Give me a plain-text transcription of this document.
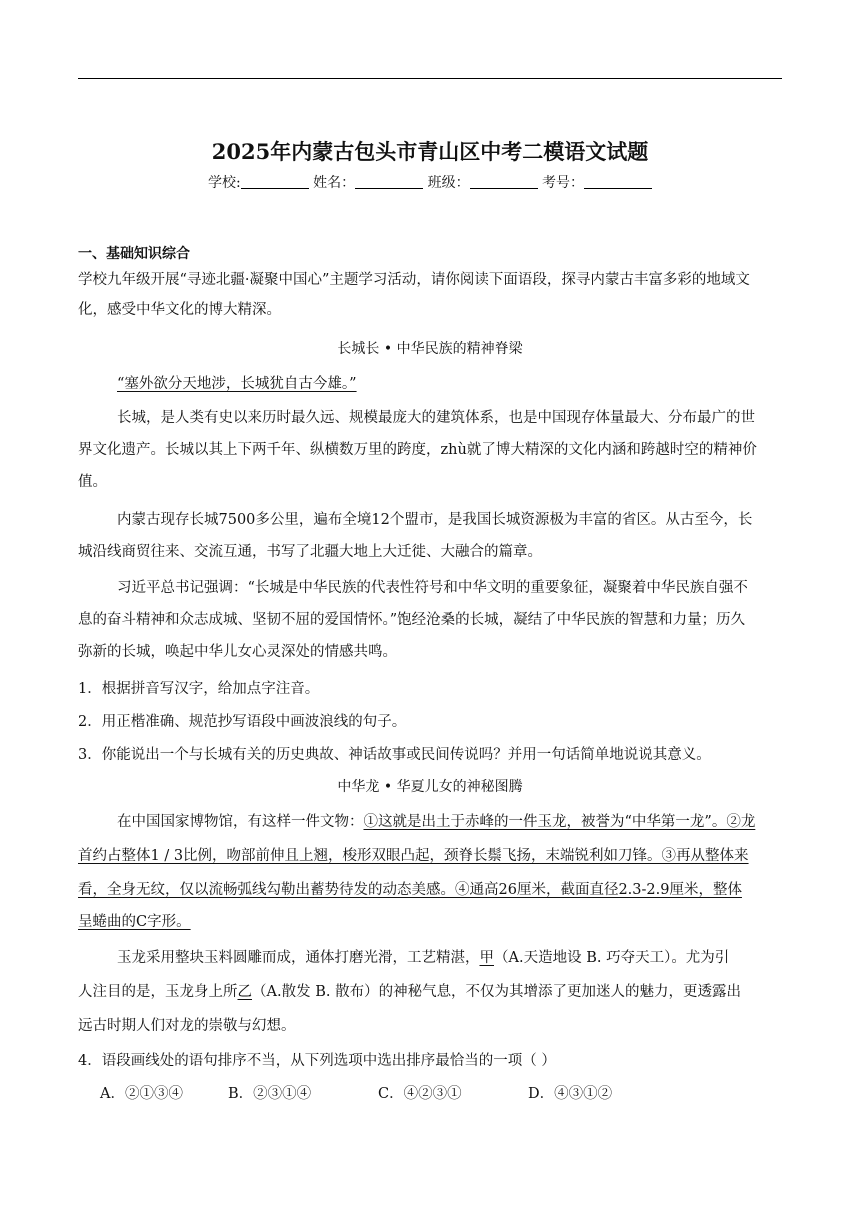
2025年内蒙古包头市青山区中考二模语文试题
学校:	姓名：	班级：	考号：
一、基础知识综合
学校九年级开展“寻迹北疆·凝聚中国心”主题学习活动，请你阅读下面语段，探寻内蒙古丰富多彩的地域文
化，感受中华文化的博大精深。
长城长 • 中华民族的精神脊梁
“塞外欲分天地涉，长城犹自古今雄。”
长城，是人类有史以来历时最久远、规模最庞大的建筑体系，也是中国现存体量最大、分布最广的世
界文化遗产。长城以其上下两千年、纵横数万里的跨度，zhù就了博大精深的文化内涵和跨越时空的精神价
值。
内蒙古现存长城7500多公里，遍布全境12个盟市，是我国长城资源极为丰富的省区。从古至今，长
城沿线商贸往来、交流互通，书写了北疆大地上大迁徙、大融合的篇章。
习近平总书记强调：“长城是中华民族的代表性符号和中华文明的重要象征，凝聚着中华民族自强不
息的奋斗精神和众志成城、坚韧不屈的爱国情怀。”饱经沧桑的长城，凝结了中华民族的智慧和力量；历久
弥新的长城，唤起中华儿女心灵深处的情感共鸣。
1．根据拼音写汉字，给加点字注音。
2．用正楷准确、规范抄写语段中画波浪线的句子。
3．你能说出一个与长城有关的历史典故、神话故事或民间传说吗？并用一句话简单地说说其意义。
中华龙 • 华夏儿女的神秘图腾
在中国国家博物馆，有这样一件文物：①这就是出土于赤峰的一件玉龙，被誉为“中华第一龙”。②龙
首约占整体1 / 3比例，吻部前伸且上翘，梭形双眼凸起，颈脊长鬃飞扬，末端锐利如刀锋。③再从整体来
看，全身无纹，仅以流畅弧线勾勒出蓄势待发的动态美感。④通高26厘米，截面直径2.3-2.9厘米，整体
呈蜷曲的C字形。
玉龙采用整块玉料圆雕而成，通体打磨光滑，工艺精湛，甲（A.天造地设 B. 巧夺天工）。尤为引
人注目的是，玉龙身上所乙（A.散发 B. 散布）的神秘气息，不仅为其增添了更加迷人的魅力，更透露出
远古时期人们对龙的崇敬与幻想。
4．语段画线处的语句排序不当，从下列选项中选出排序最恰当的一项（ ）
A．②①③④	B．②③①④	C．④②③①	D．④③①②
